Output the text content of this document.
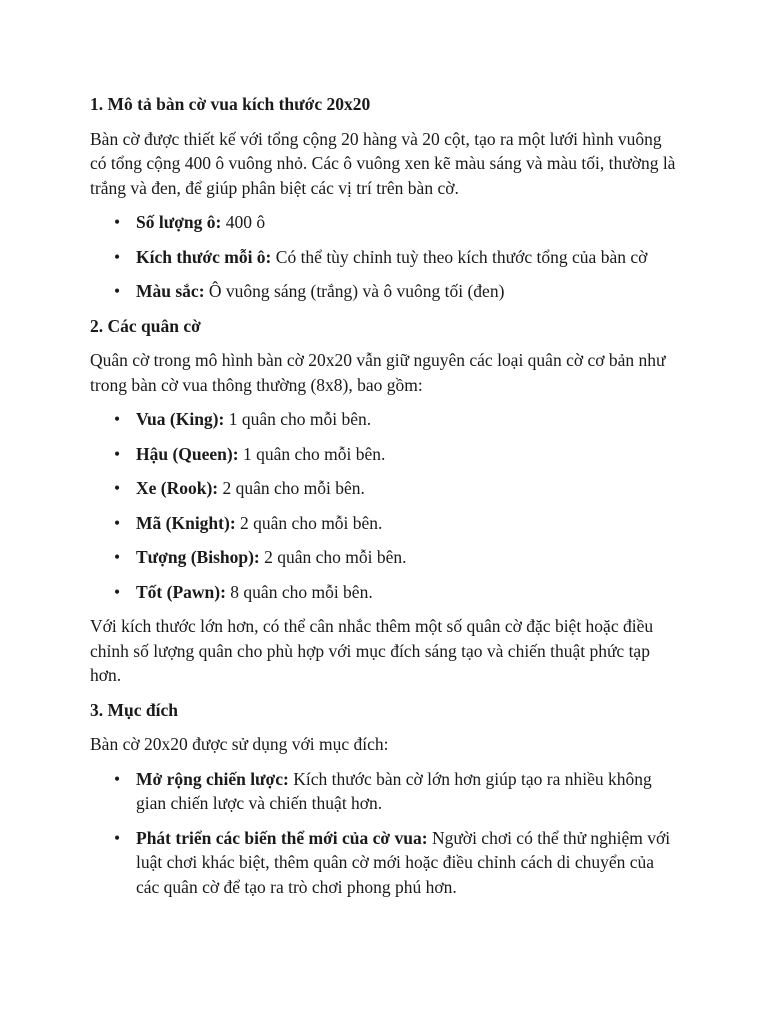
1. Mô tả bàn cờ vua kích thước 20x20

Bàn cờ được thiết kế với tổng cộng 20 hàng và 20 cột, tạo ra một lưới hình vuông có tổng cộng 400 ô vuông nhỏ. Các ô vuông xen kẽ màu sáng và màu tối, thường là trắng và đen, để giúp phân biệt các vị trí trên bàn cờ.

• Số lượng ô: 400 ô
• Kích thước mỗi ô: Có thể tùy chỉnh tuỳ theo kích thước tổng của bàn cờ
• Màu sắc: Ô vuông sáng (trắng) và ô vuông tối (đen)
2. Các quân cờ

Quân cờ trong mô hình bàn cờ 20x20 vẫn giữ nguyên các loại quân cờ cơ bản như trong bàn cờ vua thông thường (8x8), bao gồm:

• Vua (King): 1 quân cho mỗi bên.
• Hậu (Queen): 1 quân cho mỗi bên.
• Xe (Rook): 2 quân cho mỗi bên.
• Mã (Knight): 2 quân cho mỗi bên.
• Tượng (Bishop): 2 quân cho mỗi bên.
• Tốt (Pawn): 8 quân cho mỗi bên.

Với kích thước lớn hơn, có thể cân nhắc thêm một số quân cờ đặc biệt hoặc điều chỉnh số lượng quân cho phù hợp với mục đích sáng tạo và chiến thuật phức tạp hơn.

3. Mục đích

Bàn cờ 20x20 được sử dụng với mục đích:

• Mở rộng chiến lược: Kích thước bàn cờ lớn hơn giúp tạo ra nhiều không gian chiến lược và chiến thuật hơn.
• Phát triển các biến thể mới của cờ vua: Người chơi có thể thử nghiệm với luật chơi khác biệt, thêm quân cờ mới hoặc điều chỉnh cách di chuyển của các quân cờ để tạo ra trò chơi phong phú hơn.
